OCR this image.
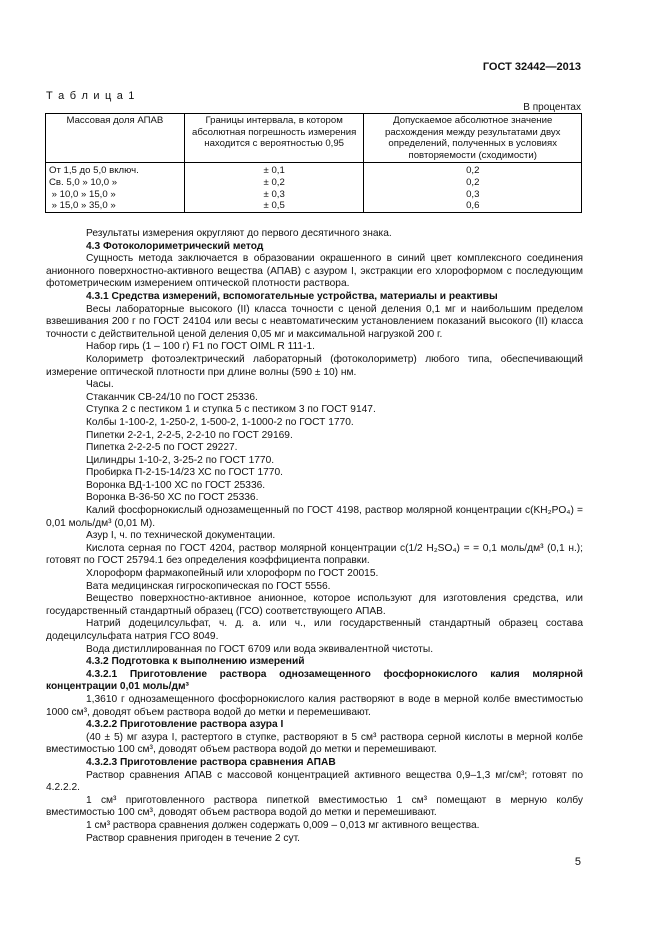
ГОСТ 32442—2013
Т а б л и ц а 1
В процентах
Массовая доля АПАВ	Границы интервала, в котором абсолютная погрешность измерения находится с вероятностью 0,95	Допускаемое абсолютное значение расхождения между результатами двух определений, полученных в условиях повторяемости (сходимости)
От 1,5 до 5,0 включ.	± 0,1	0,2
Св. 5,0 » 10,0 »	± 0,2	0,2
» 10,0 » 15,0 »	± 0,3	0,3
» 15,0 » 35,0 »	± 0,5	0,6

Результаты измерения округляют до первого десятичного знака.

4.3 Фотоколориметрический метод

Сущность метода заключается в образовании окрашенного в синий цвет комплексного соединения анионного поверхностно-активного вещества (АПАВ) с азуром I, экстракции его хлороформом с последующим фотометрическим измерением оптической плотности раствора.

4.3.1 Средства измерений, вспомогательные устройства, материалы и реактивы

Весы лабораторные высокого (II) класса точности с ценой деления 0,1 мг и наибольшим пределом взвешивания 200 г по ГОСТ 24104 или весы с неавтоматическим установлением показаний высокого (II) класса точности с действительной ценой деления 0,05 мг и максимальной нагрузкой 200 г.

Набор гирь (1 – 100 г) F1 по ГОСТ OIML R 111-1.

Колориметр фотоэлектрический лабораторный (фотоколориметр) любого типа, обеспечивающий измерение оптической плотности при длине волны (590 ± 10) нм.

Часы.

Стаканчик СВ-24/10 по ГОСТ 25336.

Ступка 2 с пестиком 1 и ступка 5 с пестиком 3 по ГОСТ 9147.

Колбы 1-100-2, 1-250-2, 1-500-2, 1-1000-2 по ГОСТ 1770.

Пипетки 2-2-1, 2-2-5, 2-2-10 по ГОСТ 29169.

Пипетка 2-2-2-5 по ГОСТ 29227.

Цилиндры 1-10-2, 3-25-2 по ГОСТ 1770.

Пробирка П-2-15-14/23 ХС по ГОСТ 1770.

Воронка ВД-1-100 ХС по ГОСТ 25336.

Воронка В-36-50 ХС по ГОСТ 25336.

Калий фосфорнокислый однозамещенный по ГОСТ 4198, раствор молярной концентрации с(KH₂PO₄) = 0,01 моль/дм³ (0,01 М).

Азур I, ч. по технической документации.

Кислота серная по ГОСТ 4204, раствор молярной концентрации с(1/2 H₂SO₄) = = 0,1 моль/дм³ (0,1 н.); готовят по ГОСТ 25794.1 без определения коэффициента поправки.

Хлороформ фармакопейный или хлороформ по ГОСТ 20015.

Вата медицинская гигроскопическая по ГОСТ 5556.

Вещество поверхностно-активное анионное, которое используют для изготовления средства, или государственный стандартный образец (ГСО) соответствующего АПАВ.

Натрий додецилсульфат, ч. д. а. или ч., или государственный стандартный образец состава додецилсульфата натрия ГСО 8049.

Вода дистиллированная по ГОСТ 6709 или вода эквивалентной чистоты.

4.3.2 Подготовка к выполнению измерений

4.3.2.1 Приготовление раствора однозамещенного фосфорнокислого калия молярной концентрации 0,01 моль/дм³

1,3610 г однозамещенного фосфорнокислого калия растворяют в воде в мерной колбе вместимостью 1000 см³, доводят объем раствора водой до метки и перемешивают.

4.3.2.2 Приготовление раствора азура I

(40 ± 5) мг азура I, растертого в ступке, растворяют в 5 см³ раствора серной кислоты в мерной колбе вместимостью 100 см³, доводят объем раствора водой до метки и перемешивают.

4.3.2.3 Приготовление раствора сравнения АПАВ

Раствор сравнения АПАВ с массовой концентрацией активного вещества 0,9–1,3 мг/см³; готовят по 4.2.2.2.

1 см³ приготовленного раствора пипеткой вместимостью 1 см³ помещают в мерную колбу вместимостью 100 см³, доводят объем раствора водой до метки и перемешивают.

1 см³ раствора сравнения должен содержать 0,009 – 0,013 мг активного вещества.

Раствор сравнения пригоден в течение 2 сут.

5
